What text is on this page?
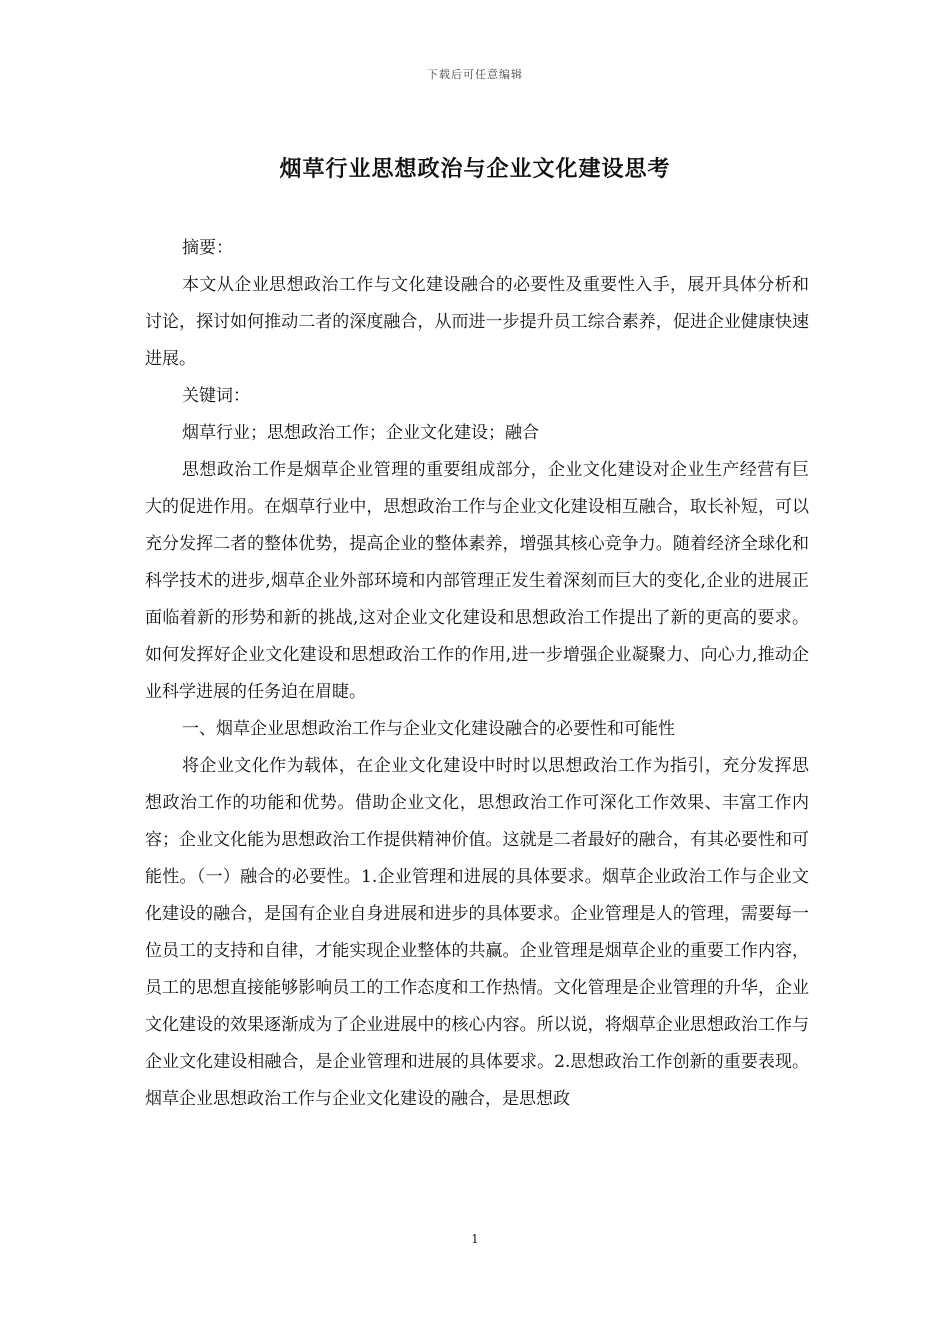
下载后可任意编辑
烟草行业思想政治与企业文化建设思考

摘要：

本文从企业思想政治工作与文化建设融合的必要性及重要性入手，展开具体分析和讨论，探讨如何推动二者的深度融合，从而进一步提升员工综合素养，促进企业健康快速进展。

关键词：

烟草行业；思想政治工作；企业文化建设；融合

思想政治工作是烟草企业管理的重要组成部分，企业文化建设对企业生产经营有巨大的促进作用。在烟草行业中，思想政治工作与企业文化建设相互融合，取长补短，可以充分发挥二者的整体优势，提高企业的整体素养，增强其核心竞争力。随着经济全球化和科学技术的进步,烟草企业外部环境和内部管理正发生着深刻而巨大的变化,企业的进展正面临着新的形势和新的挑战,这对企业文化建设和思想政治工作提出了新的更高的要求。如何发挥好企业文化建设和思想政治工作的作用,进一步增强企业凝聚力、向心力,推动企业科学进展的任务迫在眉睫。

一、烟草企业思想政治工作与企业文化建设融合的必要性和可能性

将企业文化作为载体，在企业文化建设中时时以思想政治工作为指引，充分发挥思想政治工作的功能和优势。借助企业文化，思想政治工作可深化工作效果、丰富工作内容；企业文化能为思想政治工作提供精神价值。这就是二者最好的融合，有其必要性和可能性。（一）融合的必要性。1.企业管理和进展的具体要求。烟草企业政治工作与企业文化建设的融合，是国有企业自身进展和进步的具体要求。企业管理是人的管理，需要每一位员工的支持和自律，才能实现企业整体的共赢。企业管理是烟草企业的重要工作内容，员工的思想直接能够影响员工的工作态度和工作热情。文化管理是企业管理的升华，企业文化建设的效果逐渐成为了企业进展中的核心内容。所以说，将烟草企业思想政治工作与企业文化建设相融合，是企业管理和进展的具体要求。2.思想政治工作创新的重要表现。烟草企业思想政治工作与企业文化建设的融合，是思想政

1
